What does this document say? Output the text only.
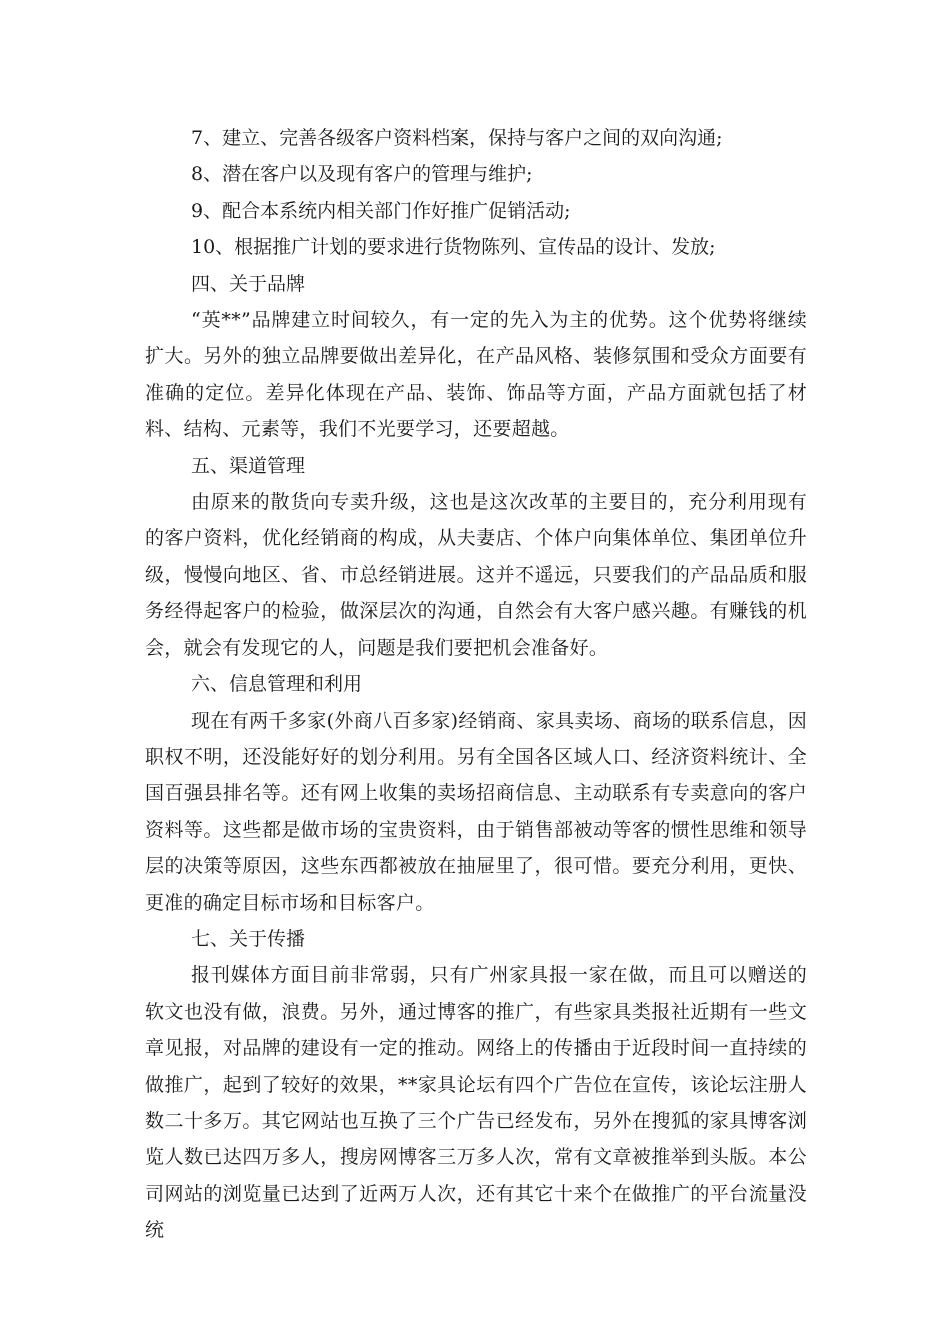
7、建立、完善各级客户资料档案，保持与客户之间的双向沟通;

8、潜在客户以及现有客户的管理与维护;

9、配合本系统内相关部门作好推广促销活动;

10、根据推广计划的要求进行货物陈列、宣传品的设计、发放;

四、关于品牌

“英**”品牌建立时间较久，有一定的先入为主的优势。这个优势将继续扩大。另外的独立品牌要做出差异化，在产品风格、装修氛围和受众方面要有准确的定位。差异化体现在产品、装饰、饰品等方面，产品方面就包括了材料、结构、元素等，我们不光要学习，还要超越。

五、渠道管理

由原来的散货向专卖升级，这也是这次改革的主要目的，充分利用现有的客户资料，优化经销商的构成，从夫妻店、个体户向集体单位、集团单位升级，慢慢向地区、省、市总经销进展。这并不遥远，只要我们的产品品质和服务经得起客户的检验，做深层次的沟通，自然会有大客户感兴趣。有赚钱的机会，就会有发现它的人，问题是我们要把机会准备好。

六、信息管理和利用

现在有两千多家(外商八百多家)经销商、家具卖场、商场的联系信息，因职权不明，还没能好好的划分利用。另有全国各区域人口、经济资料统计、全国百强县排名等。还有网上收集的卖场招商信息、主动联系有专卖意向的客户资料等。这些都是做市场的宝贵资料，由于销售部被动等客的惯性思维和领导层的决策等原因，这些东西都被放在抽屉里了，很可惜。要充分利用，更快、更准的确定目标市场和目标客户。

七、关于传播

报刊媒体方面目前非常弱，只有广州家具报一家在做，而且可以赠送的软文也没有做，浪费。另外，通过博客的推广，有些家具类报社近期有一些文章见报，对品牌的建设有一定的推动。网络上的传播由于近段时间一直持续的做推广，起到了较好的效果，**家具论坛有四个广告位在宣传，该论坛注册人数二十多万。其它网站也互换了三个广告已经发布，另外在搜狐的家具博客浏览人数已达四万多人，搜房网博客三万多人次，常有文章被推举到头版。本公司网站的浏览量已达到了近两万人次，还有其它十来个在做推广的平台流量没统
